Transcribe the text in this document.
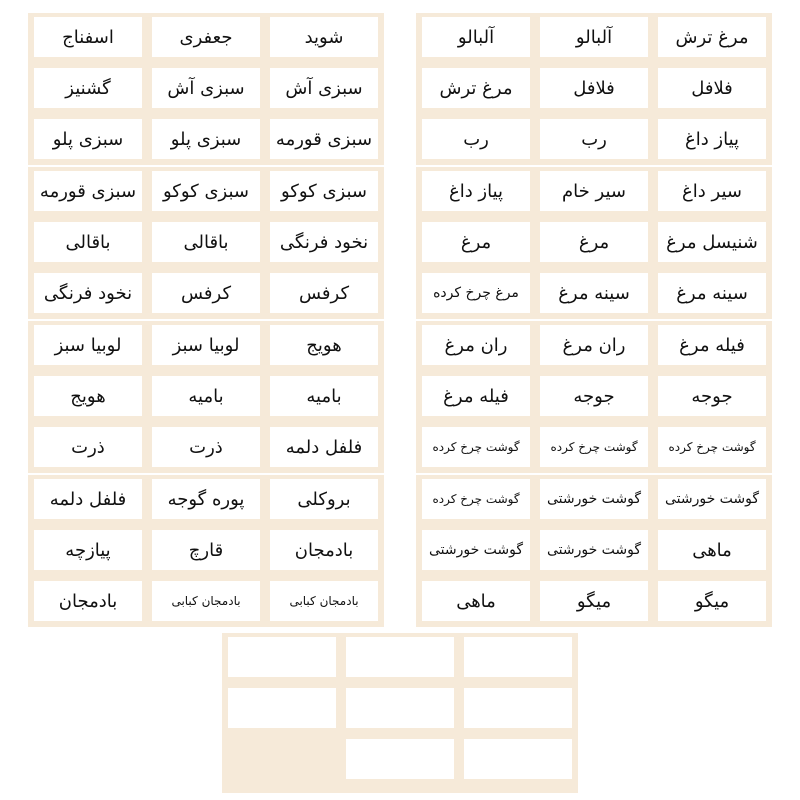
مرغ ترش
آلبالو
آلبالو
فلافل
فلافل
مرغ ترش
پیاز داغ
رب
رب
شوید
جعفری
اسفناج
سبزی آش
سبزی آش
گشنیز
سبزی قورمه
سبزی پلو
سبزی پلو
سیر داغ
سیر خام
پیاز داغ
شنیسل مرغ
مرغ
مرغ
سینه مرغ
سینه مرغ
مرغ چرخ کرده
سبزی کوکو
سبزی کوکو
سبزی قورمه
نخود فرنگی
باقالی
باقالی
کرفس
کرفس
نخود فرنگی
فیله مرغ
ران مرغ
ران مرغ
جوجه
جوجه
فیله مرغ
گوشت چرخ کرده
گوشت چرخ کرده
گوشت چرخ کرده
هویج
لوبیا سبز
لوبیا سبز
بامیه
بامیه
هویج
فلفل دلمه
ذرت
ذرت
گوشت خورشتی
گوشت خورشتی
گوشت چرخ کرده
ماهی
گوشت خورشتی
گوشت خورشتی
میگو
میگو
ماهی
بروکلی
پوره گوجه
فلفل دلمه
بادمجان
قارچ
پیازچه
بادمجان کبابی
بادمجان کبابی
بادمجان
